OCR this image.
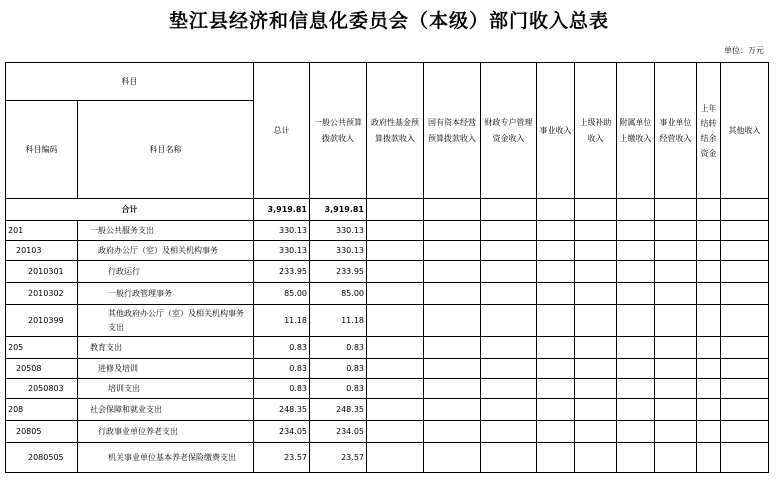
垫江县经济和信息化委员会（本级）部门收入总表
单位：万元
科目		总计	一般公共预算拨款收入	政府性基金预算拨款收入	国有资本经营预算拨款收入	财政专户管理资金收入	事业收入	上级补助收入	附属单位上缴收入	事业单位经营收入	上年结转结余资金	其他收入
科目编码	科目名称											
合计		3,919.81	3,919.81									
201	一般公共服务支出	330.13	330.13									
20103	政府办公厅（室）及相关机构事务	330.13	330.13									
2010301	行政运行	233.95	233.95									
2010302	一般行政管理事务	85.00	85.00									
2010399	其他政府办公厅（室）及相关机构事务支出	11.18	11.18									
205	教育支出	0.83	0.83									
20508	进修及培训	0.83	0.83									
2050803	培训支出	0.83	0.83									
208	社会保障和就业支出	248.35	248.35									
20805	行政事业单位养老支出	234.05	234.05									
2080505	机关事业单位基本养老保险缴费支出	23.57	23.57									
